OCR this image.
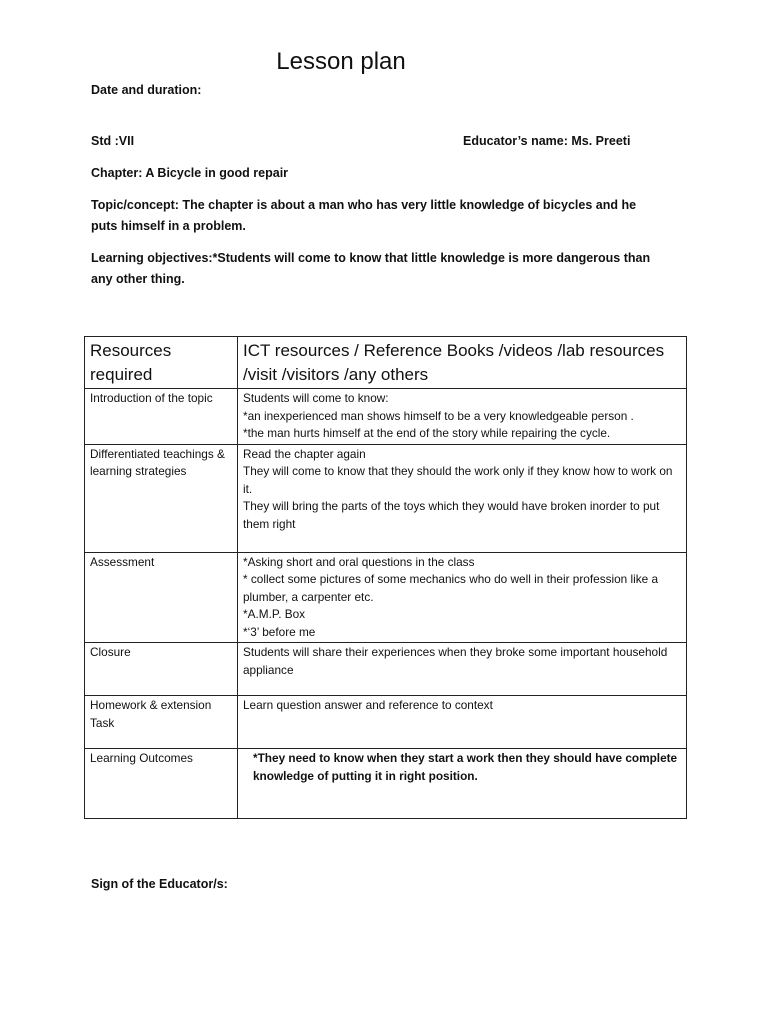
Lesson plan
Date and duration:
Std :VII	Educator’s name: Ms. Preeti
Chapter: A Bicycle in good repair
Topic/concept: The chapter is about a man who has very little knowledge of bicycles and he puts himself in a problem.
Learning objectives:*Students will come to know that little knowledge is more dangerous than any other thing.
Resources required	ICT resources / Reference Books /videos /lab resources /visit /visitors /any others
Introduction of the topic	Students will come to know:
*an inexperienced man shows himself to be a very knowledgeable person .
*the man hurts himself at the end of the story while repairing the cycle.

Differentiated teachings & learning strategies	Read the chapter again
They will come to know that they should the work only if they know how to work on it.
They will bring the parts of the toys which they would have broken inorder to put them right

Assessment	*Asking short and oral questions in the class
* collect some pictures of some mechanics who do well in their profession like a plumber, a carpenter etc.
*A.M.P. Box
*‘3’ before me

Closure	Students will share their experiences when they broke some important household appliance

Homework & extension Task	Learn question answer and reference to context

Learning Outcomes	*They need to know when they start a work then they should have complete knowledge of putting it in right position.
Sign of the Educator/s:
